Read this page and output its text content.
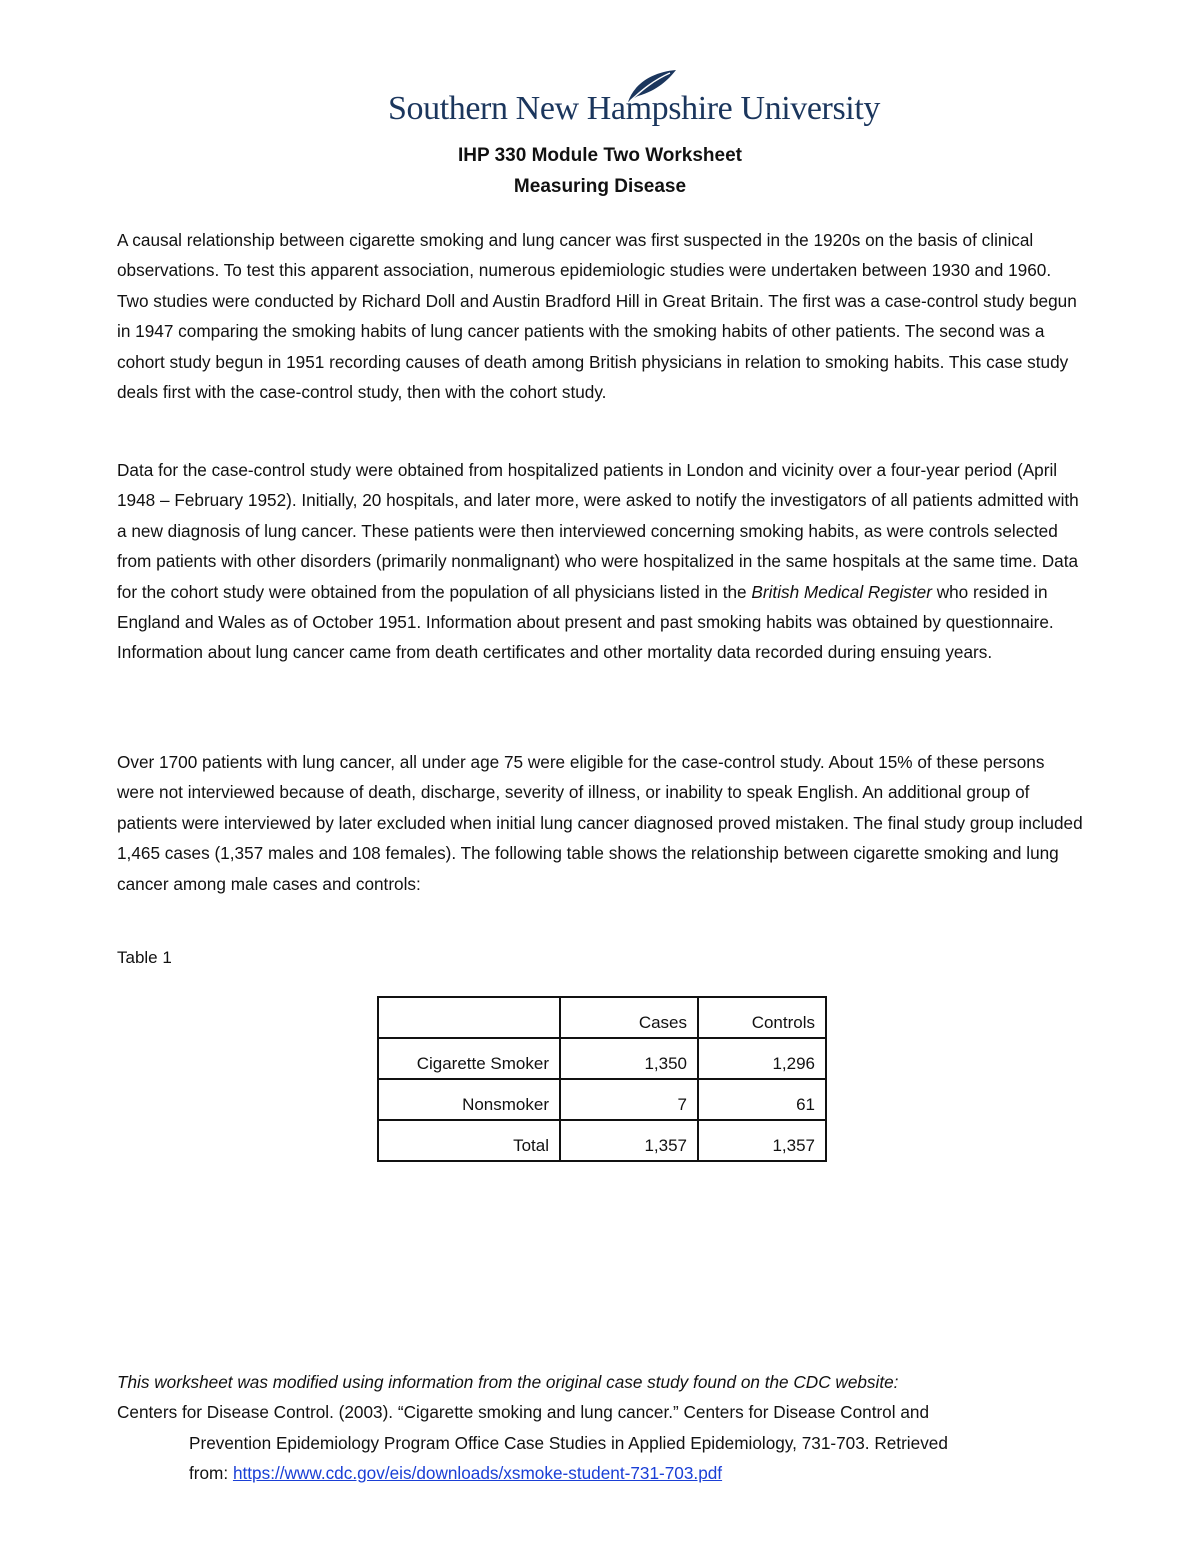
Southern New Hampshire University
IHP 330 Module Two Worksheet
Measuring Disease

A causal relationship between cigarette smoking and lung cancer was first suspected in the 1920s on the basis of clinical observations. To test this apparent association, numerous epidemiologic studies were undertaken between 1930 and 1960. Two studies were conducted by Richard Doll and Austin Bradford Hill in Great Britain. The first was a case-control study begun in 1947 comparing the smoking habits of lung cancer patients with the smoking habits of other patients. The second was a cohort study begun in 1951 recording causes of death among British physicians in relation to smoking habits. This case study deals first with the case-control study, then with the cohort study.

Data for the case-control study were obtained from hospitalized patients in London and vicinity over a four-year period (April 1948 – February 1952). Initially, 20 hospitals, and later more, were asked to notify the investigators of all patients admitted with a new diagnosis of lung cancer. These patients were then interviewed concerning smoking habits, as were controls selected from patients with other disorders (primarily nonmalignant) who were hospitalized in the same hospitals at the same time. Data for the cohort study were obtained from the population of all physicians listed in the British Medical Register who resided in England and Wales as of October 1951. Information about present and past smoking habits was obtained by questionnaire. Information about lung cancer came from death certificates and other mortality data recorded during ensuing years.

Over 1700 patients with lung cancer, all under age 75 were eligible for the case-control study. About 15% of these persons were not interviewed because of death, discharge, severity of illness, or inability to speak English. An additional group of patients were interviewed by later excluded when initial lung cancer diagnosed proved mistaken. The final study group included 1,465 cases (1,357 males and 108 females). The following table shows the relationship between cigarette smoking and lung cancer among male cases and controls:

Table 1

	Cases	Controls
Cigarette Smoker	1,350	1,296
Nonsmoker	7	61
Total	1,357	1,357
This worksheet was modified using information from the original case study found on the CDC website:
Centers for Disease Control. (2003). “Cigarette smoking and lung cancer.” Centers for Disease Control and
Prevention Epidemiology Program Office Case Studies in Applied Epidemiology, 731-703. Retrieved
from: https://www.cdc.gov/eis/downloads/xsmoke-student-731-703.pdf
